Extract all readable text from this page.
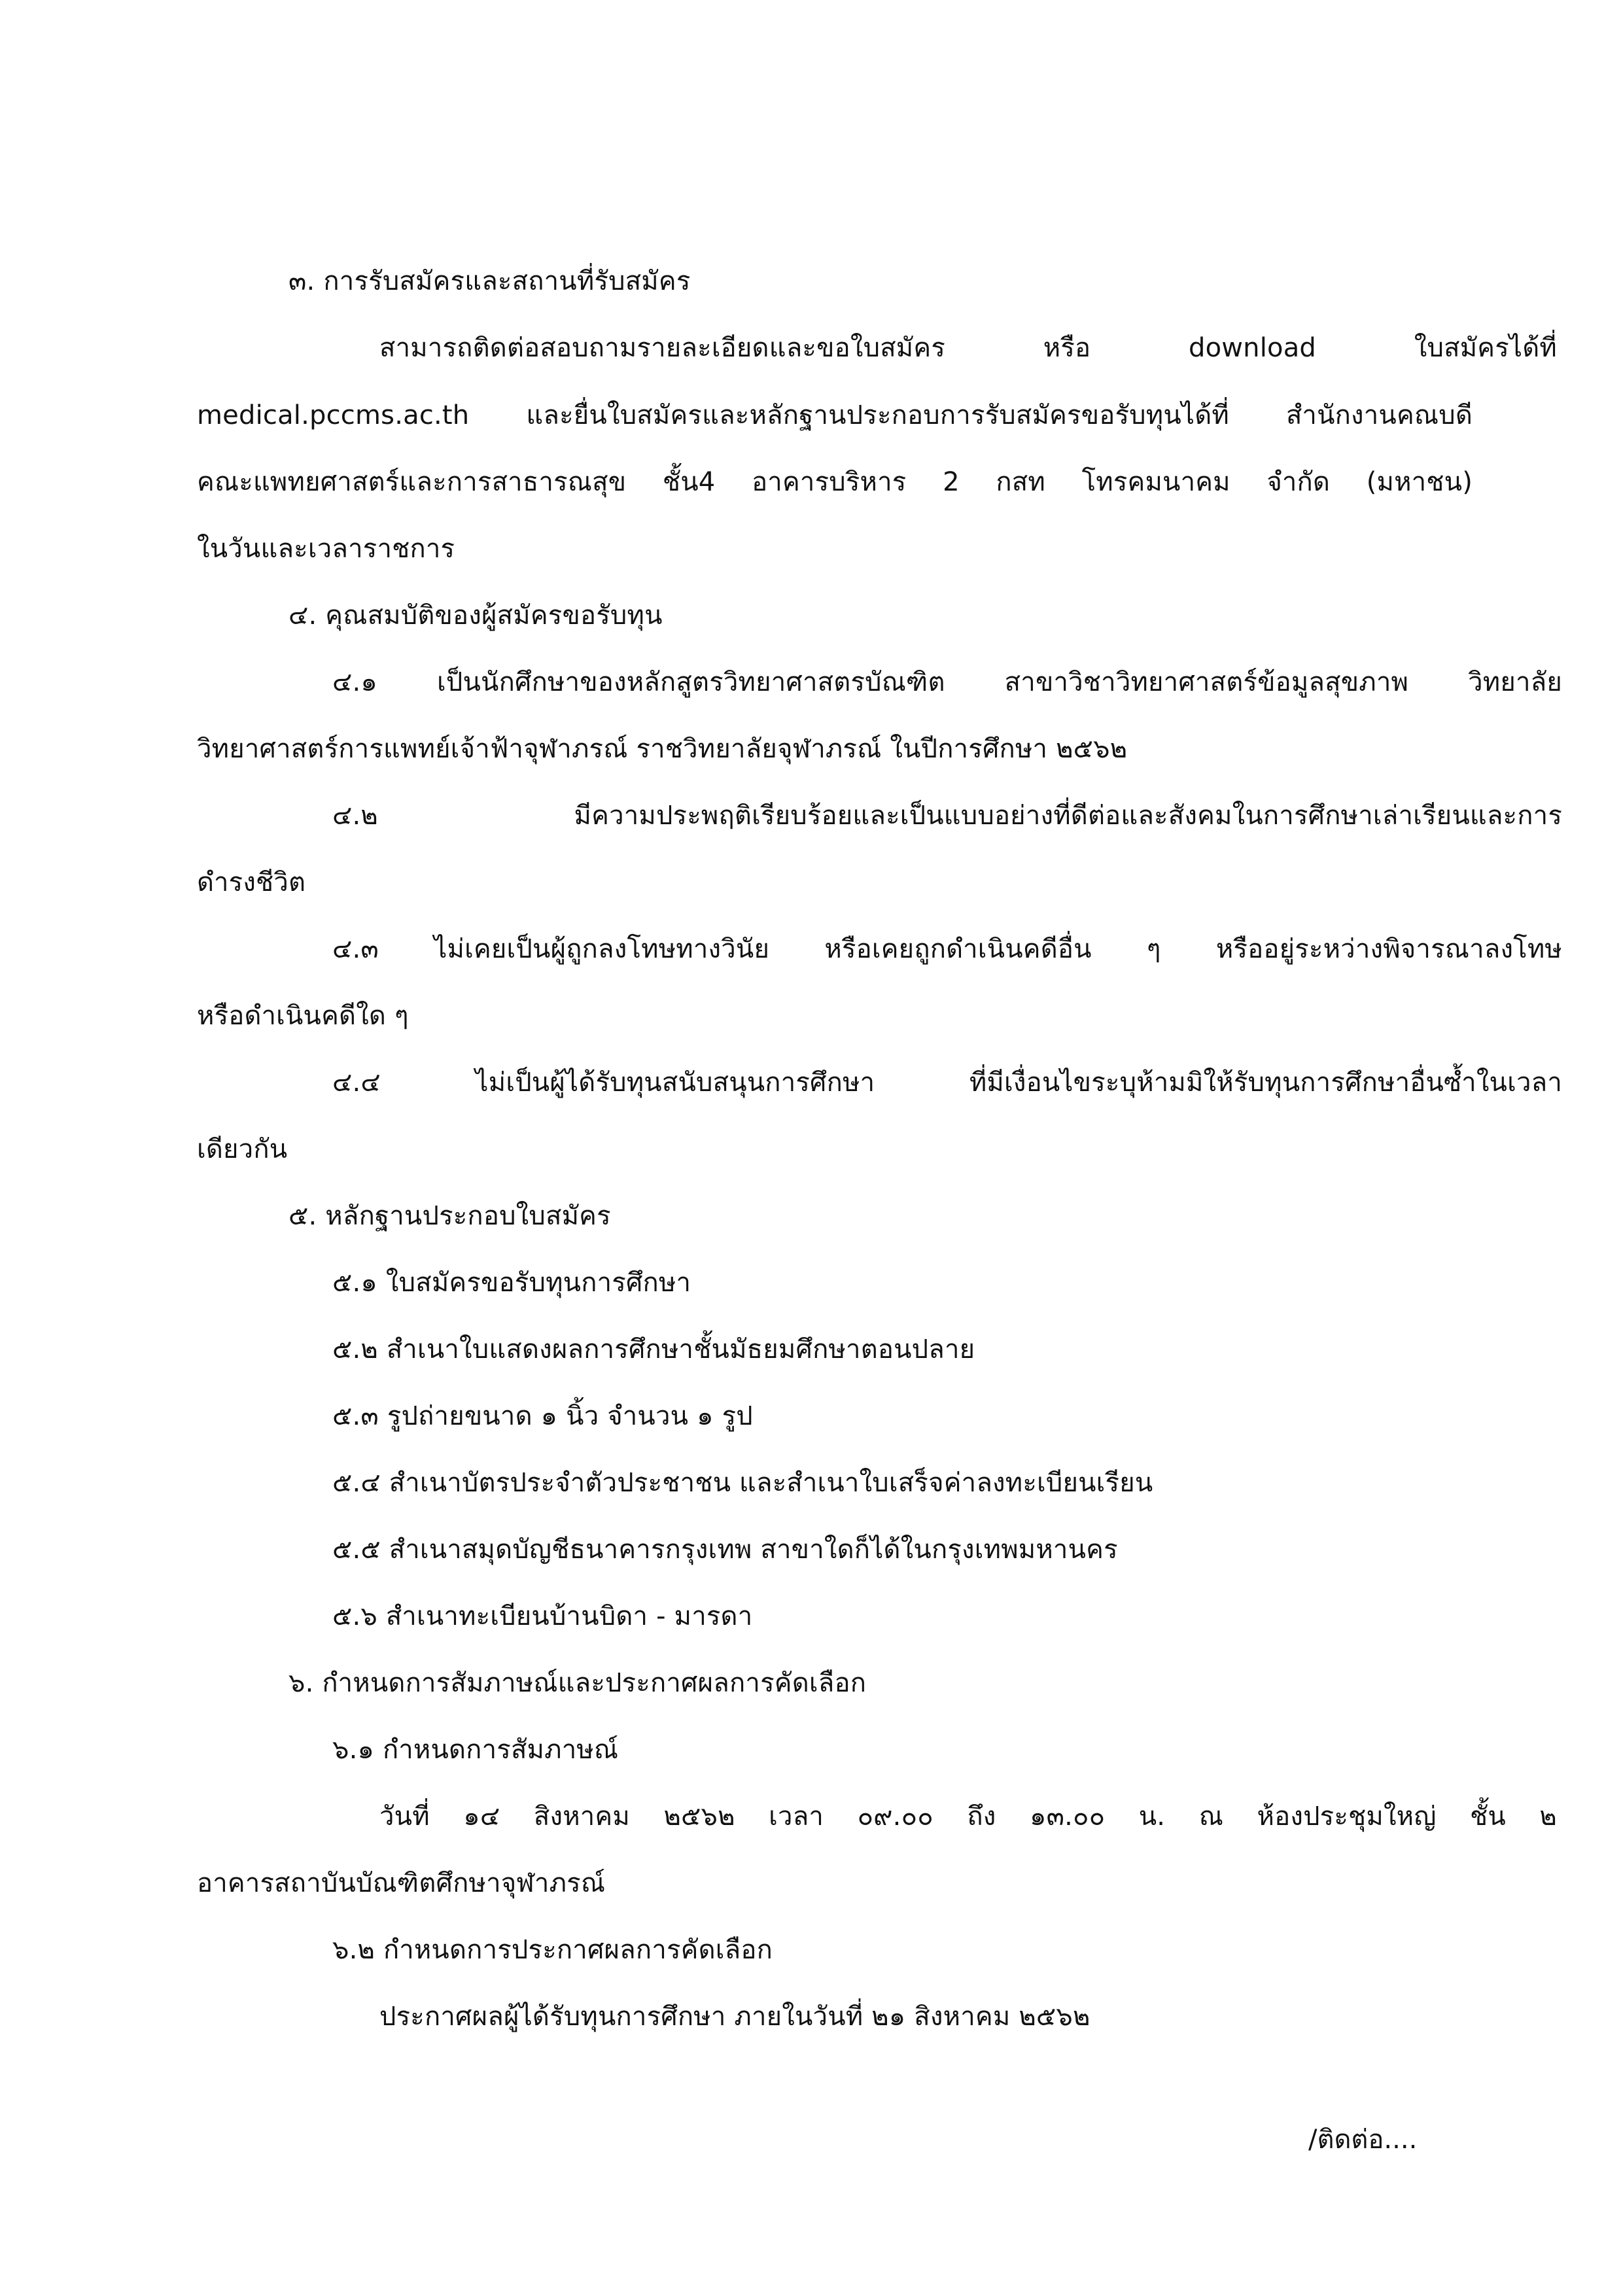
๓. การรับสมัครและสถานที่รับสมัคร
สามารถติดต่อสอบถามรายละเอียดและขอใบสมัคร หรือ download ใบสมัครได้ที่
medical.pccms.ac.th และยื่นใบสมัครและหลักฐานประกอบการรับสมัครขอรับทุนได้ที่ สำนักงานคณบดี
คณะแพทยศาสตร์และการสาธารณสุข ชั้น4 อาคารบริหาร 2 กสท โทรคมนาคม จำกัด (มหาชน)
ในวันและเวลาราชการ
๔. คุณสมบัติของผู้สมัครขอรับทุน
๔.๑ เป็นนักศึกษาของหลักสูตรวิทยาศาสตรบัณฑิต สาขาวิชาวิทยาศาสตร์ข้อมูลสุขภาพ วิทยาลัย
วิทยาศาสตร์การแพทย์เจ้าฟ้าจุฬาภรณ์ ราชวิทยาลัยจุฬาภรณ์ ในปีการศึกษา ๒๕๖๒
๔.๒ มีความประพฤติเรียบร้อยและเป็นแบบอย่างที่ดีต่อและสังคมในการศึกษาเล่าเรียนและการ
ดำรงชีวิต
๔.๓ ไม่เคยเป็นผู้ถูกลงโทษทางวินัย หรือเคยถูกดำเนินคดีอื่น ๆ หรืออยู่ระหว่างพิจารณาลงโทษ
หรือดำเนินคดีใด ๆ
๔.๔ ไม่เป็นผู้ได้รับทุนสนับสนุนการศึกษา ที่มีเงื่อนไขระบุห้ามมิให้รับทุนการศึกษาอื่นซ้ำในเวลา
เดียวกัน
๕. หลักฐานประกอบใบสมัคร
๕.๑ ใบสมัครขอรับทุนการศึกษา
๕.๒ สำเนาใบแสดงผลการศึกษาชั้นมัธยมศึกษาตอนปลาย
๕.๓ รูปถ่ายขนาด ๑ นิ้ว จำนวน ๑ รูป
๕.๔ สำเนาบัตรประจำตัวประชาชน และสำเนาใบเสร็จค่าลงทะเบียนเรียน
๕.๕ สำเนาสมุดบัญชีธนาคารกรุงเทพ สาขาใดก็ได้ในกรุงเทพมหานคร
๕.๖ สำเนาทะเบียนบ้านบิดา - มารดา
๖. กำหนดการสัมภาษณ์และประกาศผลการคัดเลือก
๖.๑ กำหนดการสัมภาษณ์
วันที่ ๑๔ สิงหาคม ๒๕๖๒ เวลา ๐๙.๐๐ ถึง ๑๓.๐๐ น. ณ ห้องประชุมใหญ่ ชั้น ๒
อาคารสถาบันบัณฑิตศึกษาจุฬาภรณ์
๖.๒ กำหนดการประกาศผลการคัดเลือก
ประกาศผลผู้ได้รับทุนการศึกษา ภายในวันที่ ๒๑ สิงหาคม ๒๕๖๒
/ติดต่อ....
